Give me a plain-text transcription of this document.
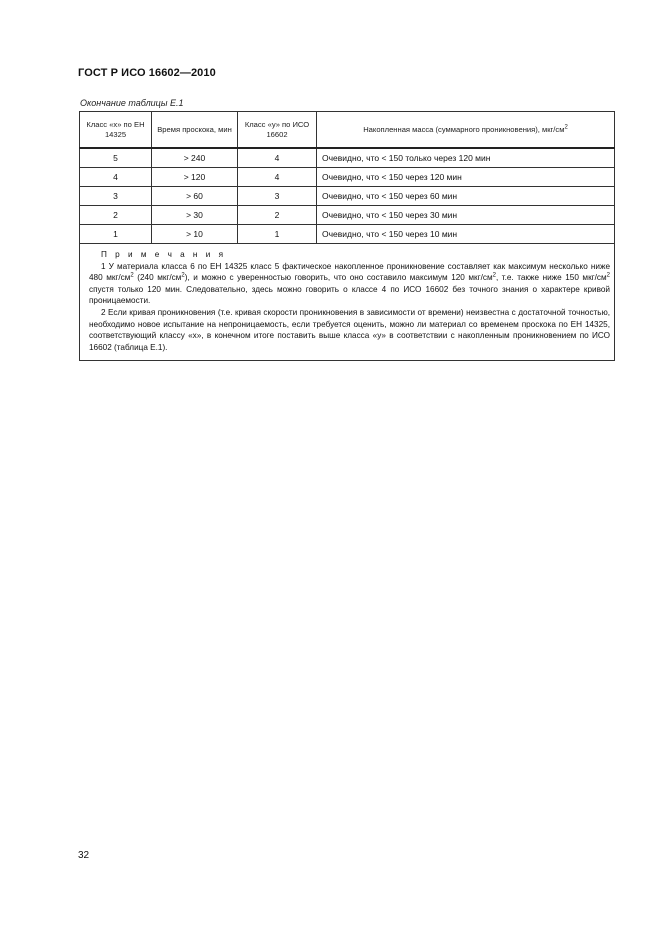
ГОСТ Р ИСО 16602—2010
Окончание таблицы Е.1
Класс «х» по ЕН 14325	Время проскока, мин	Класс «у» по ИСО 16602	Накопленная масса (суммарного проникновения), мкг/$см^2$
5	> 240	4	Очевидно, что < 150 только через 120 мин
4	> 120	4	Очевидно, что < 150 через 120 мин
3	> 60	3	Очевидно, что < 150 через 60 мин
2	> 30	2	Очевидно, что < 150 через 30 мин
1	> 10	1	Очевидно, что < 150 через 10 мин

П р и м е ч а н и я
1 У материала класса 6 по ЕН 14325 класс 5 фактическое накопленное проникновение составляет как максимум несколько ниже 480 мкг/$см^2$ (240 мкг/$см^2$), и можно с уверенностью говорить, что оно составило максимум 120 мкг/$см^2$, т.е. также ниже 150 мкг/$см^2$ спустя только 120 мин. Следовательно, здесь можно говорить о классе 4 по ИСО 16602 без точного знания о характере кривой проницаемости.
2 Если кривая проникновения (т.е. кривая скорости проникновения в зависимости от времени) неизвестна с достаточной точностью, необходимо новое испытание на непроницаемость, если требуется оценить, можно ли материал со временем проскока по ЕН 14325, соответствующий классу «х», в конечном итоге поставить выше класса «у» в соответствии с накопленным проникновением по ИСО 16602 (таблица Е.1).			
32
